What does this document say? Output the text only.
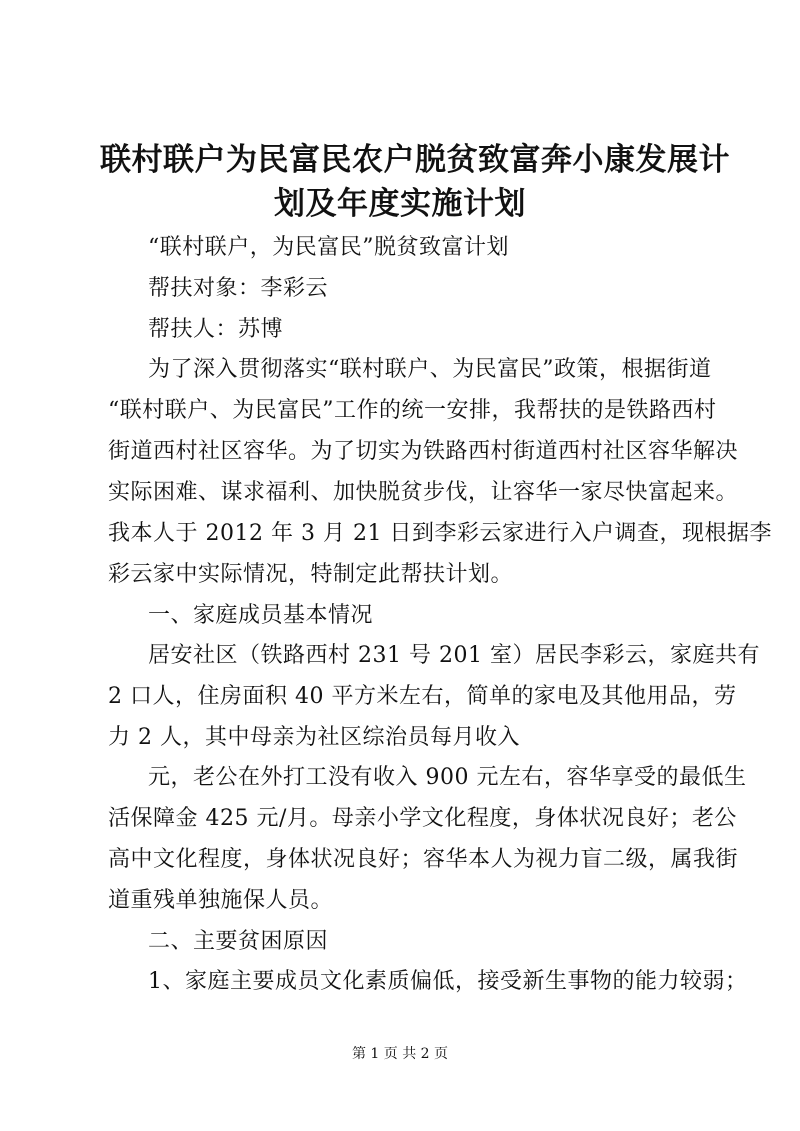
联村联户为民富民农户脱贫致富奔小康发展计
划及年度实施计划

“联村联户，为民富民”脱贫致富计划

帮扶对象：李彩云

帮扶人：苏博

为了深入贯彻落实“联村联户、为民富民”政策，根据街道

“联村联户、为民富民”工作的统一安排，我帮扶的是铁路西村

街道西村社区容华。为了切实为铁路西村街道西村社区容华解决

实际困难、谋求福利、加快脱贫步伐，让容华一家尽快富起来。

我本人于 2012 年 3 月 21 日到李彩云家进行入户调查，现根据李

彩云家中实际情况，特制定此帮扶计划。

一、家庭成员基本情况

居安社区（铁路西村 231 号 201 室）居民李彩云，家庭共有

2 口人，住房面积 40 平方米左右，简单的家电及其他用品，劳

力 2 人，其中母亲为社区综治员每月收入

元，老公在外打工没有收入 900 元左右，容华享受的最低生

活保障金 425 元/月。母亲小学文化程度，身体状况良好；老公

高中文化程度，身体状况良好；容华本人为视力盲二级，属我街

道重残单独施保人员。

二、主要贫困原因

1、家庭主要成员文化素质偏低，接受新生事物的能力较弱；

第 1 页 共 2 页
